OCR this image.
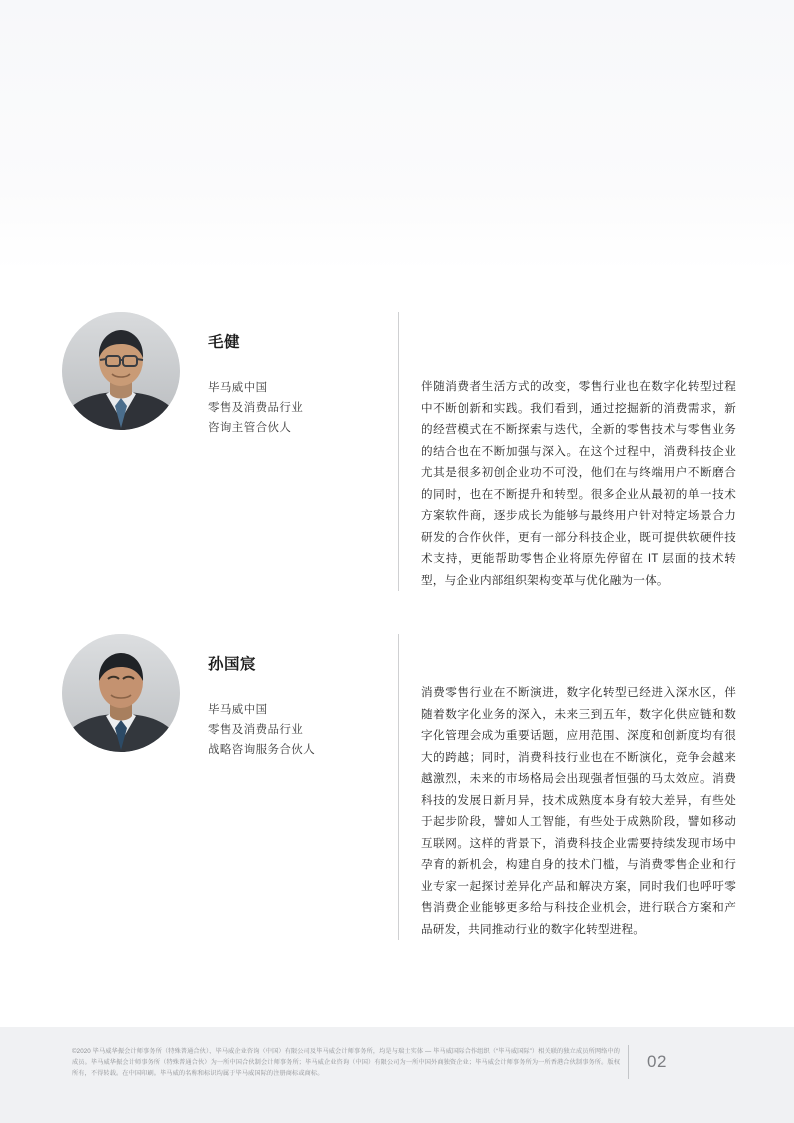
毛健
毕马威中国
零售及消费品行业
咨询主管合伙人

伴随消费者生活方式的改变，零售行业也在数字化转型过程中不断创新和实践。我们看到，通过挖掘新的消费需求，新的经营模式在不断探索与迭代，全新的零售技术与零售业务的结合也在不断加强与深入。在这个过程中，消费科技企业尤其是很多初创企业功不可没，他们在与终端用户不断磨合的同时，也在不断提升和转型。很多企业从最初的单一技术方案软件商，逐步成长为能够与最终用户针对特定场景合力研发的合作伙伴，更有一部分科技企业，既可提供软硬件技术支持，更能帮助零售企业将原先停留在 IT 层面的技术转型，与企业内部组织架构变革与优化融为一体。

孙国宸
毕马威中国
零售及消费品行业
战略咨询服务合伙人

消费零售行业在不断演进，数字化转型已经进入深水区，伴随着数字化业务的深入，未来三到五年，数字化供应链和数字化管理会成为重要话题，应用范围、深度和创新度均有很大的跨越；同时，消费科技行业也在不断演化，竞争会越来越激烈，未来的市场格局会出现强者恒强的马太效应。消费科技的发展日新月异，技术成熟度本身有较大差异，有些处于起步阶段，譬如人工智能，有些处于成熟阶段，譬如移动互联网。这样的背景下，消费科技企业需要持续发现市场中孕育的新机会，构建自身的技术门槛，与消费零售企业和行业专家一起探讨差异化产品和解决方案，同时我们也呼吁零售消费企业能够更多给与科技企业机会，进行联合方案和产品研发，共同推动行业的数字化转型进程。

©2020 毕马威华振会计师事务所（特殊普通合伙）、毕马威企业咨询（中国）有限公司及毕马威会计师事务所，均是与瑞士实体 — 毕马威国际合作组织（“毕马威国际”）相关联的独立成员所网络中的成员。毕马威华振会计师事务所（特殊普通合伙）为一所中国合伙制会计师事务所；毕马威企业咨询（中国）有限公司为一所中国外商独资企业；毕马威会计师事务所为一所香港合伙制事务所。版权所有，不得转载。在中国印刷。毕马威的名称和标识均属于毕马威国际的注册商标或商标。
02
